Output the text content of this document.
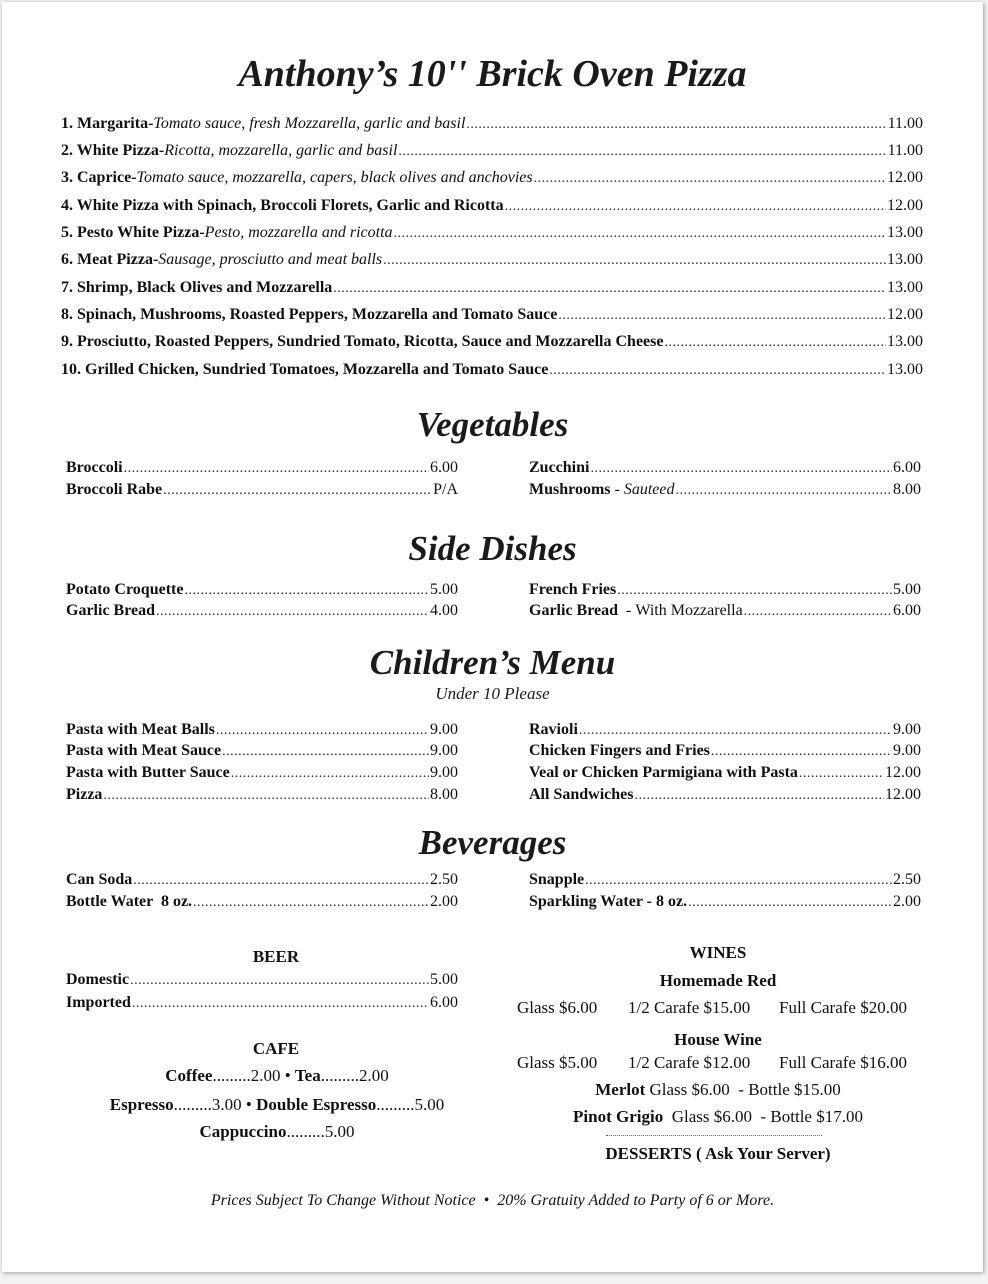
Anthony’s 10'' Brick Oven Pizza
1. Margarita - Tomato sauce, fresh Mozzarella, garlic and basil .....	11.00
2. White Pizza - Ricotta, mozzarella, garlic and basil .....	11.00
3. Caprice - Tomato sauce, mozzarella, capers, black olives and anchovies .....	12.00
4. White Pizza with Spinach, Broccoli Florets, Garlic and Ricotta .....	12.00
5. Pesto White Pizza - Pesto, mozzarella and ricotta .....	13.00
6. Meat Pizza - Sausage, prosciutto and meat balls .....	13.00
7. Shrimp, Black Olives and Mozzarella .....	13.00
8. Spinach, Mushrooms, Roasted Peppers, Mozzarella and Tomato Sauce .....	12.00
9. Prosciutto, Roasted Peppers, Sundried Tomato, Ricotta, Sauce and Mozzarella Cheese .....	13.00
10. Grilled Chicken, Sundried Tomatoes, Mozzarella and Tomato Sauce .....	13.00
Vegetables
Broccoli .....	6.00
Broccoli Rabe .....	P/A
Zucchini .....	6.00
Mushrooms - Sauteed .....	8.00
Side Dishes
Potato Croquette .....	5.00
Garlic Bread .....	4.00
French Fries .....	5.00
Garlic Bread - With Mozzarella .....	6.00
Children’s Menu
Under 10 Please
Pasta with Meat Balls .....	9.00
Pasta with Meat Sauce .....	9.00
Pasta with Butter Sauce .....	9.00
Pizza .....	8.00
Ravioli .....	9.00
Chicken Fingers and Fries .....	9.00
Veal or Chicken Parmigiana with Pasta .....	12.00
All Sandwiches .....	12.00
Beverages
Can Soda .....	2.50
Bottle Water  8 oz. .....	2.00
Snapple .....	2.50
Sparkling Water - 8 oz. .....	2.00
BEER
Domestic .....	5.00
Imported .....	6.00
CAFE
Coffee.........2.00 • Tea.........2.00
Espresso.........3.00 • Double Espresso.........5.00
Cappuccino.........5.00
WINES
Homemade Red
Glass $6.00 1/2 Carafe $15.00 Full Carafe $20.00
House Wine
Glass $5.00 1/2 Carafe $12.00 Full Carafe $16.00
Merlot Glass $6.00  - Bottle $15.00
Pinot Grigio Glass $6.00  - Bottle $17.00
DESSERTS ( Ask Your Server)
Prices Subject To Change Without Notice  •  20% Gratuity Added to Party of 6 or More.
